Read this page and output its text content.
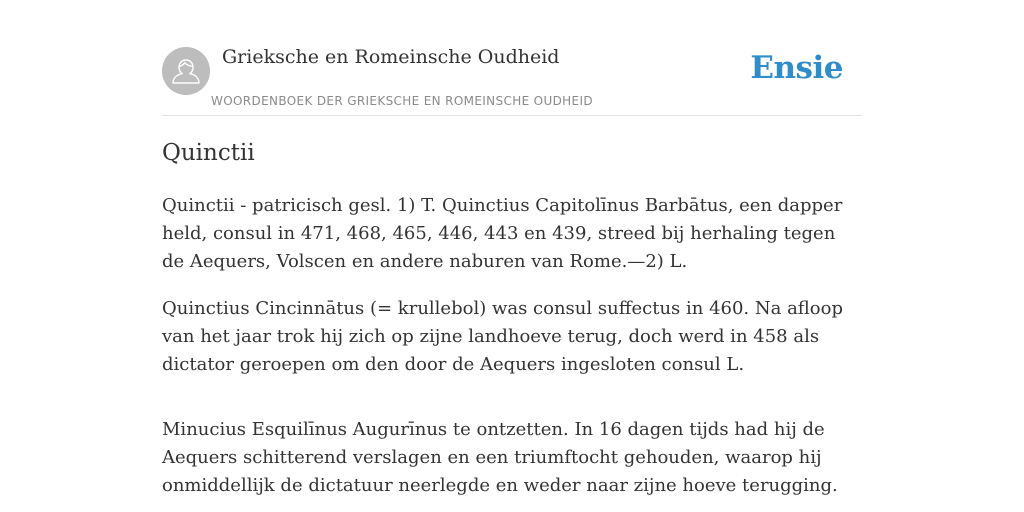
Grieksche en Romeinsche Oudheid
WOORDENBOEK DER GRIEKSCHE EN ROMEINSCHE OUDHEID
Ensie
Quinctii

Quinctii - patricisch gesl. 1) T. Quinctius Capitolīnus Barbātus, een dapper held, consul in 471, 468, 465, 446, 443 en 439, streed bij herhaling tegen de Aequers, Volscen en andere naburen van Rome.—2) L.

Quinctius Cincinnātus (= krullebol) was consul suffectus in 460. Na afloop van het jaar trok hij zich op zijne landhoeve terug, doch werd in 458 als dictator geroepen om den door de Aequers ingesloten consul L.

Minucius Esquilīnus Augurīnus te ontzetten. In 16 dagen tijds had hij de Aequers schitterend verslagen en een triumftocht gehouden, waarop hij onmiddellijk de dictatuur neerlegde en weder naar zijne hoeve terugging.
